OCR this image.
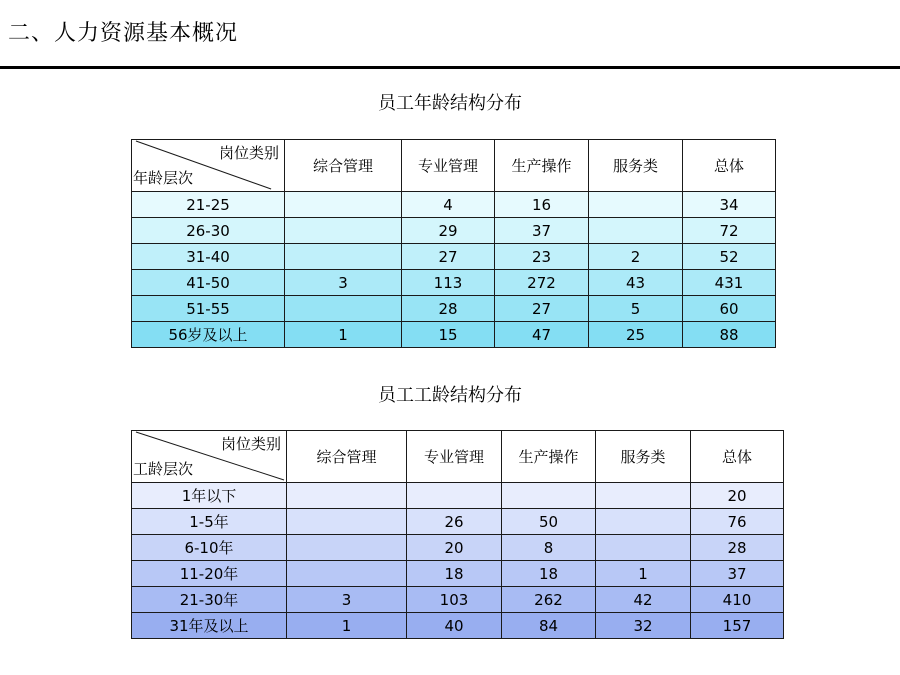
二、人力资源基本概况
员工年龄结构分布
岗位类别
年龄层次	综合管理	专业管理	生产操作	服务类	总体
21-25		4	16		34
26-30		29	37		72
31-40		27	23	2	52
41-50	3	113	272	43	431
51-55		28	27	5	60
56岁及以上	1	15	47	25	88
员工工龄结构分布
岗位类别
工龄层次	综合管理	专业管理	生产操作	服务类	总体
1年以下					20
1-5年		26	50		76
6-10年		20	8		28
11-20年		18	18	1	37
21-30年	3	103	262	42	410
31年及以上	1	40	84	32	157
